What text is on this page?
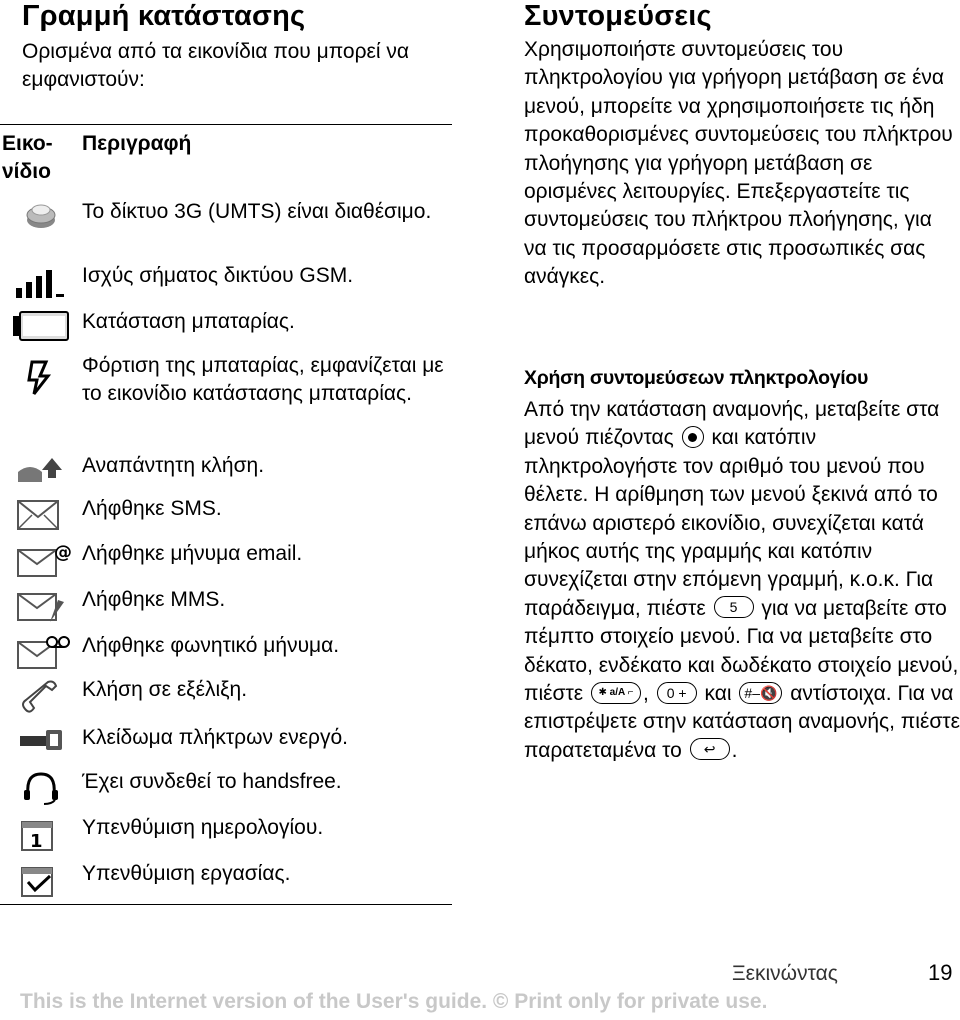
Γραμμή κατάστασης
Ορισμένα από τα εικονίδια που μπορεί να εμφανιστούν:
Εικο-
νίδιο
Περιγραφή
Το δίκτυο 3G (UMTS) είναι διαθέσιμο.
Ισχύς σήματος δικτύου GSM.
Κατάσταση μπαταρίας.
Φόρτιση της μπαταρίας, εμφανίζεται με το εικονίδιο κατάστασης μπαταρίας.
Αναπάντητη κλήση.
Λήφθηκε SMS.
@ Λήφθηκε μήνυμα email.
Λήφθηκε MMS.
Λήφθηκε φωνητικό μήνυμα.
Κλήση σε εξέλιξη.
Κλείδωμα πλήκτρων ενεργό.
Έχει συνδεθεί το handsfree.
1
Υπενθύμιση ημερολογίου.
Υπενθύμιση εργασίας.
Συντομεύσεις
Χρησιμοποιήστε συντομεύσεις του πληκτρολογίου για γρήγορη μετάβαση σε ένα μενού, μπορείτε να χρησιμοποιήσετε τις ήδη προκαθορισμένες συντομεύσεις του πλήκτρου πλοήγησης για γρήγορη μετάβαση σε ορισμένες λειτουργίες. Επεξεργαστείτε τις συντομεύσεις του πλήκτρου πλοήγησης, για να τις προσαρμόσετε στις προσωπικές σας ανάγκες.
Χρήση συντομεύσεων πληκτρολογίου
Από την κατάσταση αναμονής, μεταβείτε στα μενού πιέζοντας και κατόπιν πληκτρολογήστε τον αριθμό του μενού που θέλετε. Η αρίθμηση των μενού ξεκινά από το επάνω αριστερό εικονίδιο, συνεχίζεται κατά μήκος αυτής της γραμμής και κατόπιν συνεχίζεται στην επόμενη γραμμή, κ.ο.κ. Για παράδειγμα, πιέστε 5 για να μεταβείτε στο πέμπτο στοιχείο μενού. Για να μεταβείτε στο δέκατο, ενδέκατο και δωδέκατο στοιχείο μενού, πιέστε ✱ a/A ⌐ , 0 + και #–🔇 αντίστοιχα. Για να επιστρέψετε στην κατάσταση αναμονής, πιέστε παρατεταμένα το ↩ .
Ξεκινώντας	19
This is the Internet version of the User's guide. © Print only for private use.
